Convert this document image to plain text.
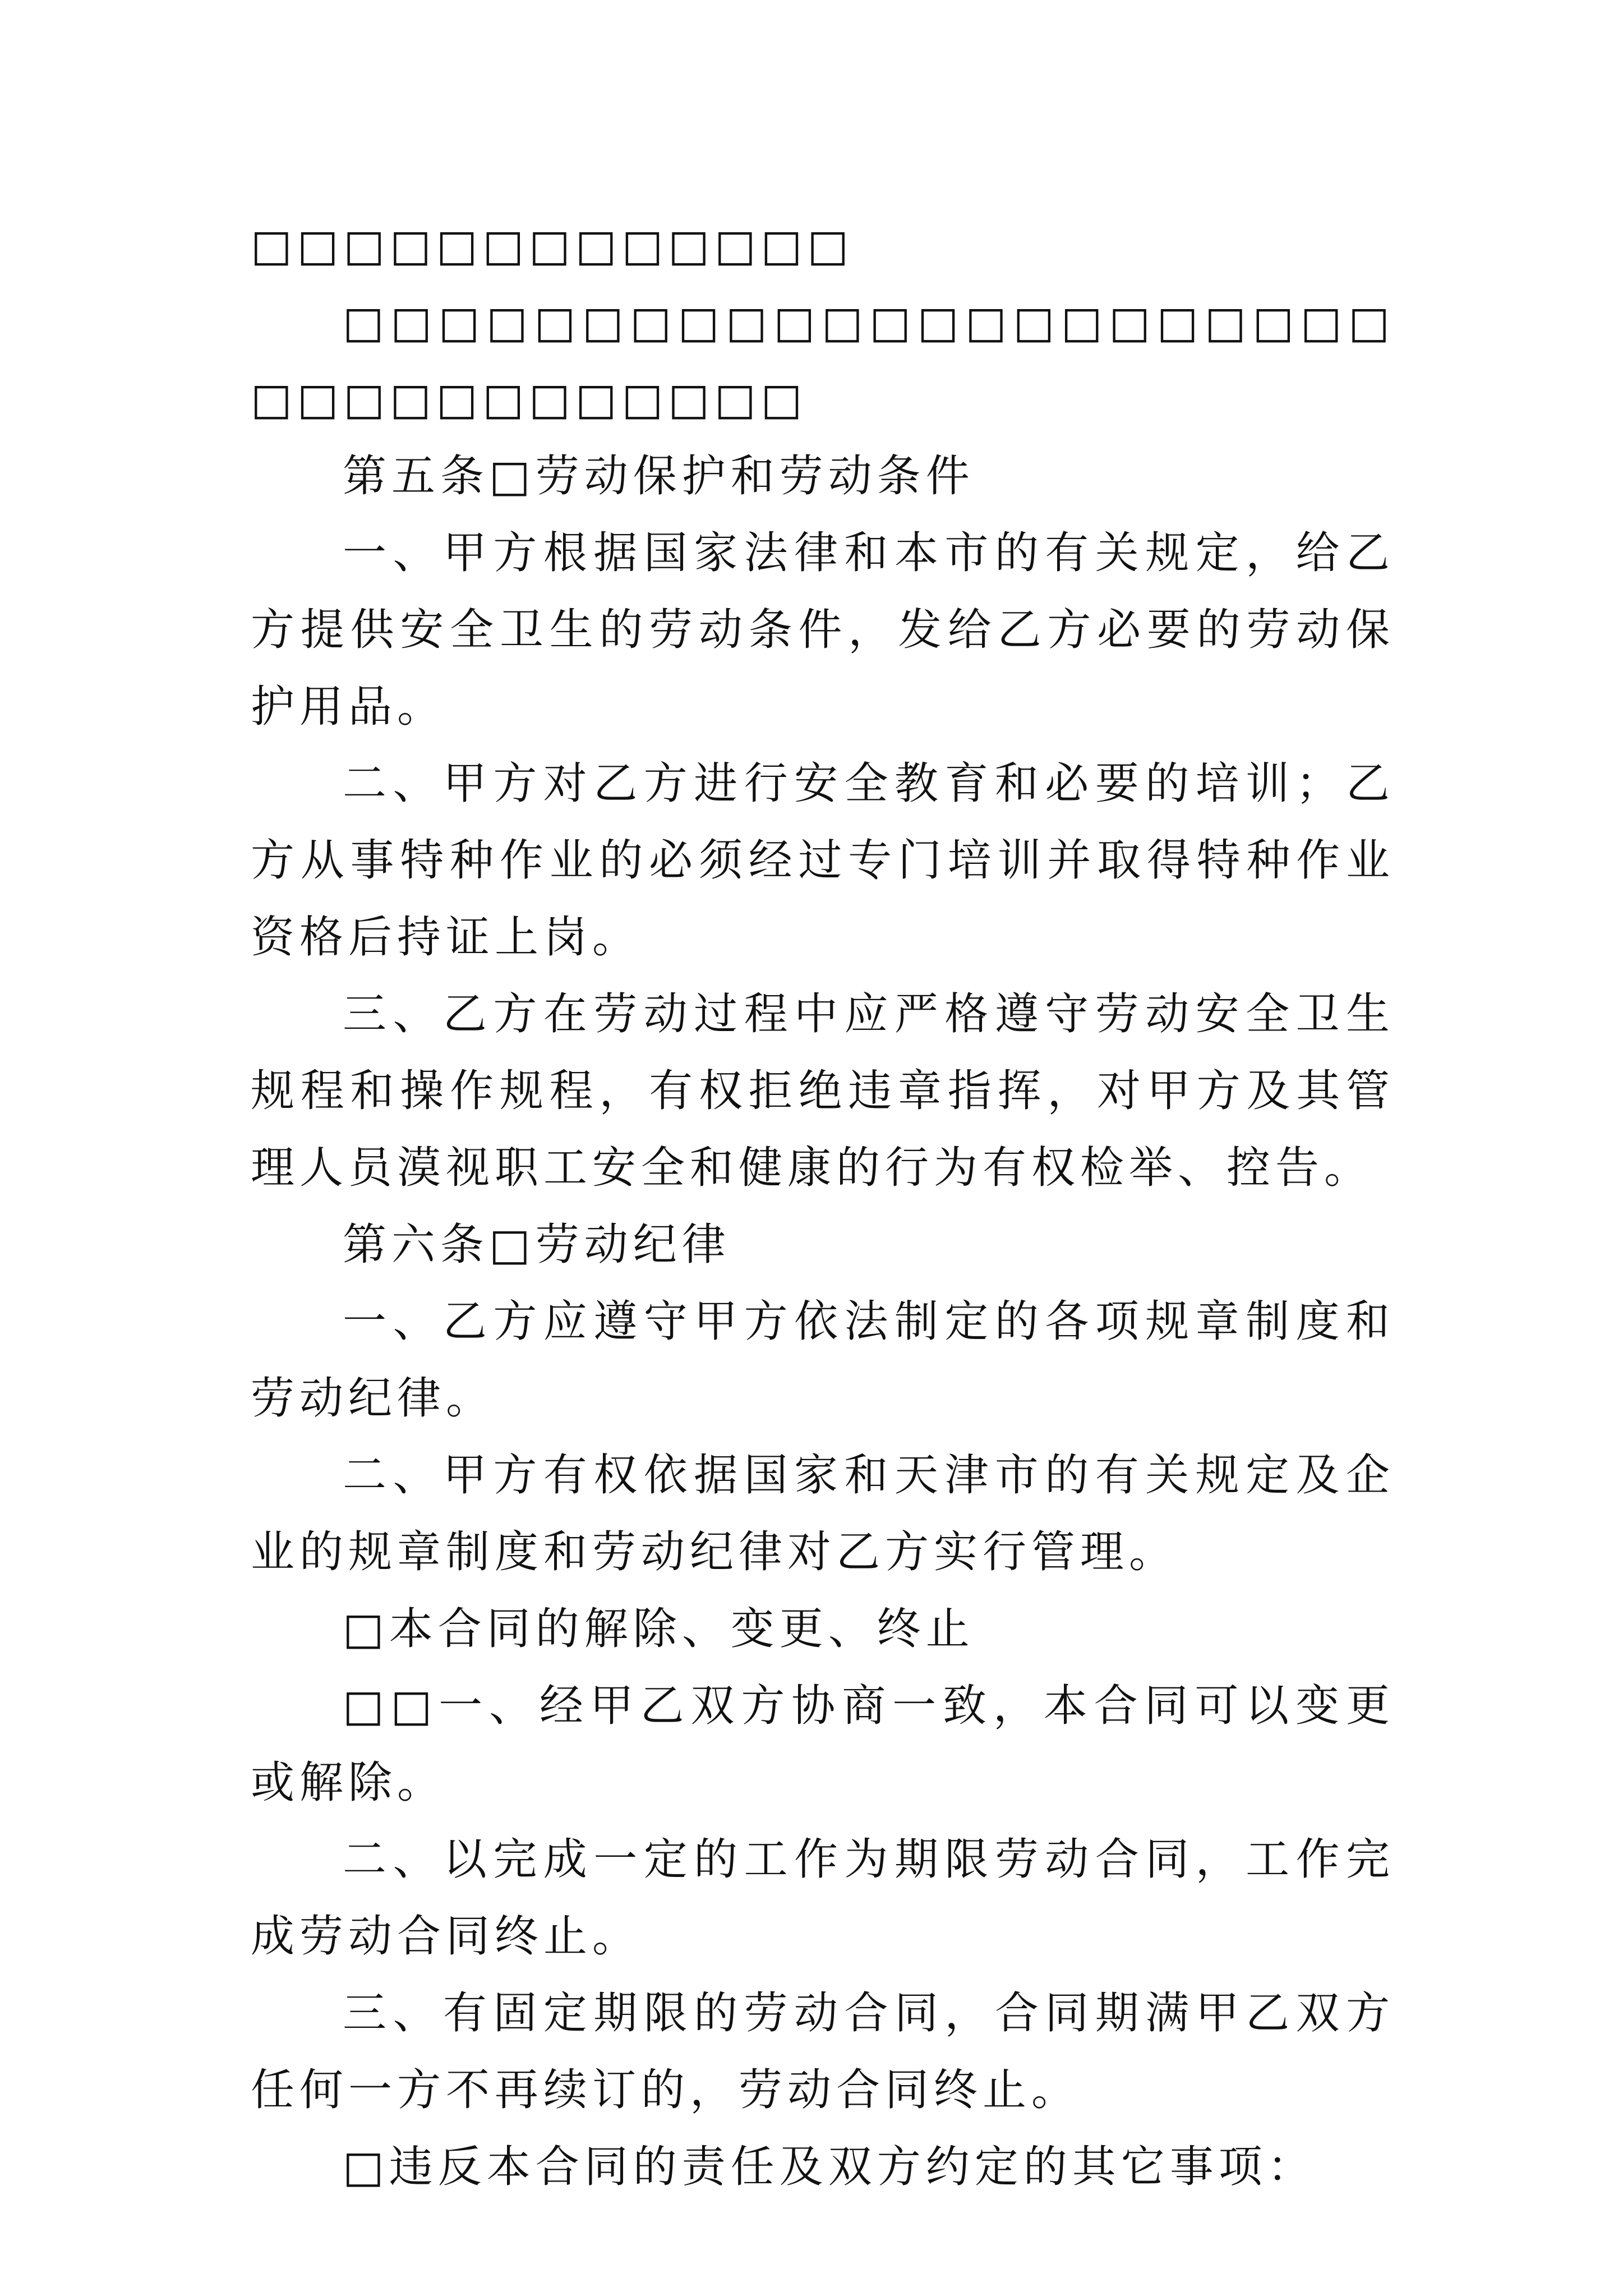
□□□□□□□□□□□□□

□□□□□□□□□□□□□□□□□□□□□□□□□□□□□□□□□□

第五条□劳动保护和劳动条件

一、甲方根据国家法律和本市的有关规定，给乙方提供安全卫生的劳动条件，发给乙方必要的劳动保护用品。

二、甲方对乙方进行安全教育和必要的培训；乙方从事特种作业的必须经过专门培训并取得特种作业资格后持证上岗。

三、乙方在劳动过程中应严格遵守劳动安全卫生规程和操作规程，有权拒绝违章指挥，对甲方及其管理人员漠视职工安全和健康的行为有权检举、控告。

第六条□劳动纪律

一、乙方应遵守甲方依法制定的各项规章制度和劳动纪律。

二、甲方有权依据国家和天津市的有关规定及企业的规章制度和劳动纪律对乙方实行管理。

□本合同的解除、变更、终止

□□一、经甲乙双方协商一致，本合同可以变更或解除。

二、以完成一定的工作为期限劳动合同，工作完成劳动合同终止。

三、有固定期限的劳动合同，合同期满甲乙双方任何一方不再续订的，劳动合同终止。

□违反本合同的责任及双方约定的其它事项：
